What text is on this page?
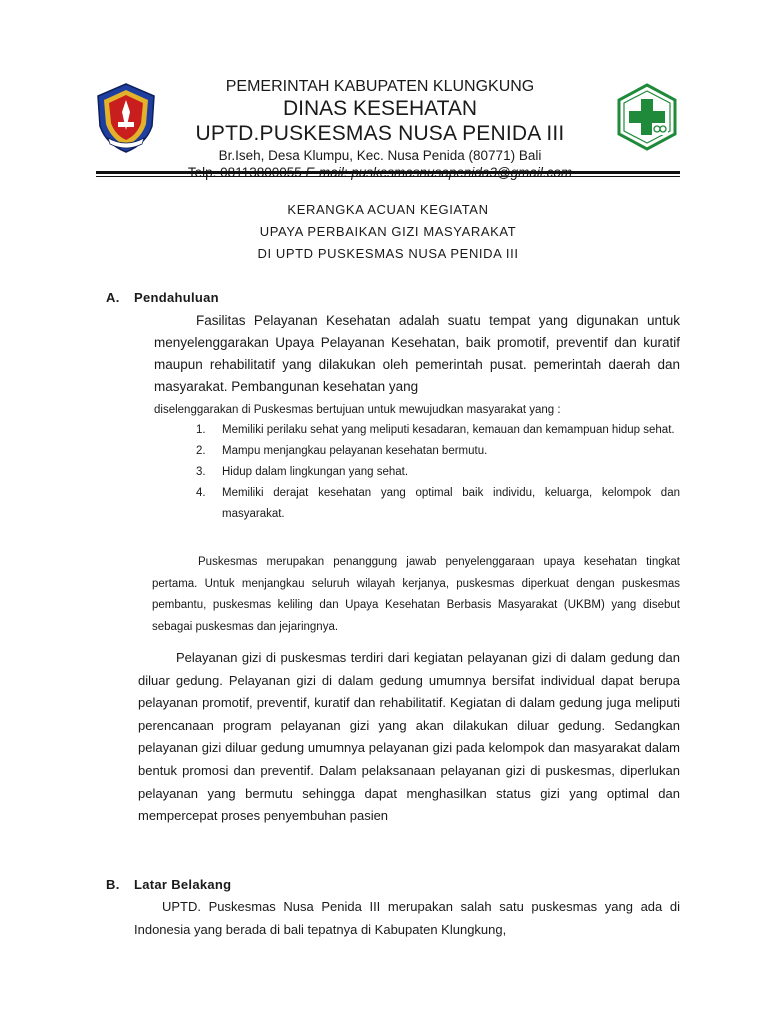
PEMERINTAH KABUPATEN KLUNGKUNG
DINAS KESEHATAN
UPTD.PUSKESMAS NUSA PENIDA III
Br.Iseh, Desa Klumpu, Kec. Nusa Penida (80771) Bali
KERANGKA ACUAN KEGIATAN
UPAYA PERBAIKAN GIZI MASYARAKAT
DI UPTD PUSKESMAS NUSA PENIDA III
A. Pendahuluan

Fasilitas Pelayanan Kesehatan adalah suatu tempat yang digunakan untuk menyelenggarakan Upaya Pelayanan Kesehatan, baik promotif, preventif dan kuratif maupun rehabilitatif yang dilakukan oleh pemerintah pusat. pemerintah daerah dan masyarakat. Pembangunan kesehatan yang

diselenggarakan di Puskesmas bertujuan untuk mewujudkan masyarakat yang :

1.	Memiliki perilaku sehat yang meliputi kesadaran, kemauan dan kemampuan hidup sehat.
2.	Mampu menjangkau pelayanan kesehatan bermutu.
3.	Hidup dalam lingkungan yang sehat.
4.	Memiliki derajat kesehatan yang optimal baik individu, keluarga, kelompok dan masyarakat.

Puskesmas merupakan penanggung jawab penyelenggaraan upaya kesehatan tingkat pertama. Untuk menjangkau seluruh wilayah kerjanya, puskesmas diperkuat dengan puskesmas pembantu, puskesmas keliling dan Upaya Kesehatan Berbasis Masyarakat (UKBM) yang disebut sebagai puskesmas dan jejaringnya.

Pelayanan gizi di puskesmas terdiri dari kegiatan pelayanan gizi di dalam gedung dan diluar gedung. Pelayanan gizi di dalam gedung umumnya bersifat individual dapat berupa pelayanan promotif, preventif, kuratif dan rehabilitatif. Kegiatan di dalam gedung juga meliputi perencanaan program pelayanan gizi yang akan dilakukan diluar gedung. Sedangkan pelayanan gizi diluar gedung umumnya pelayanan gizi pada kelompok dan masyarakat dalam bentuk promosi dan preventif. Dalam pelaksanaan pelayanan gizi di puskesmas, diperlukan pelayanan yang bermutu sehingga dapat menghasilkan status gizi yang optimal dan mempercepat proses penyembuhan pasien

B. Latar Belakang

UPTD. Puskesmas Nusa Penida III merupakan salah satu puskesmas yang ada di Indonesia yang berada di bali tepatnya di Kabupaten Klungkung,
